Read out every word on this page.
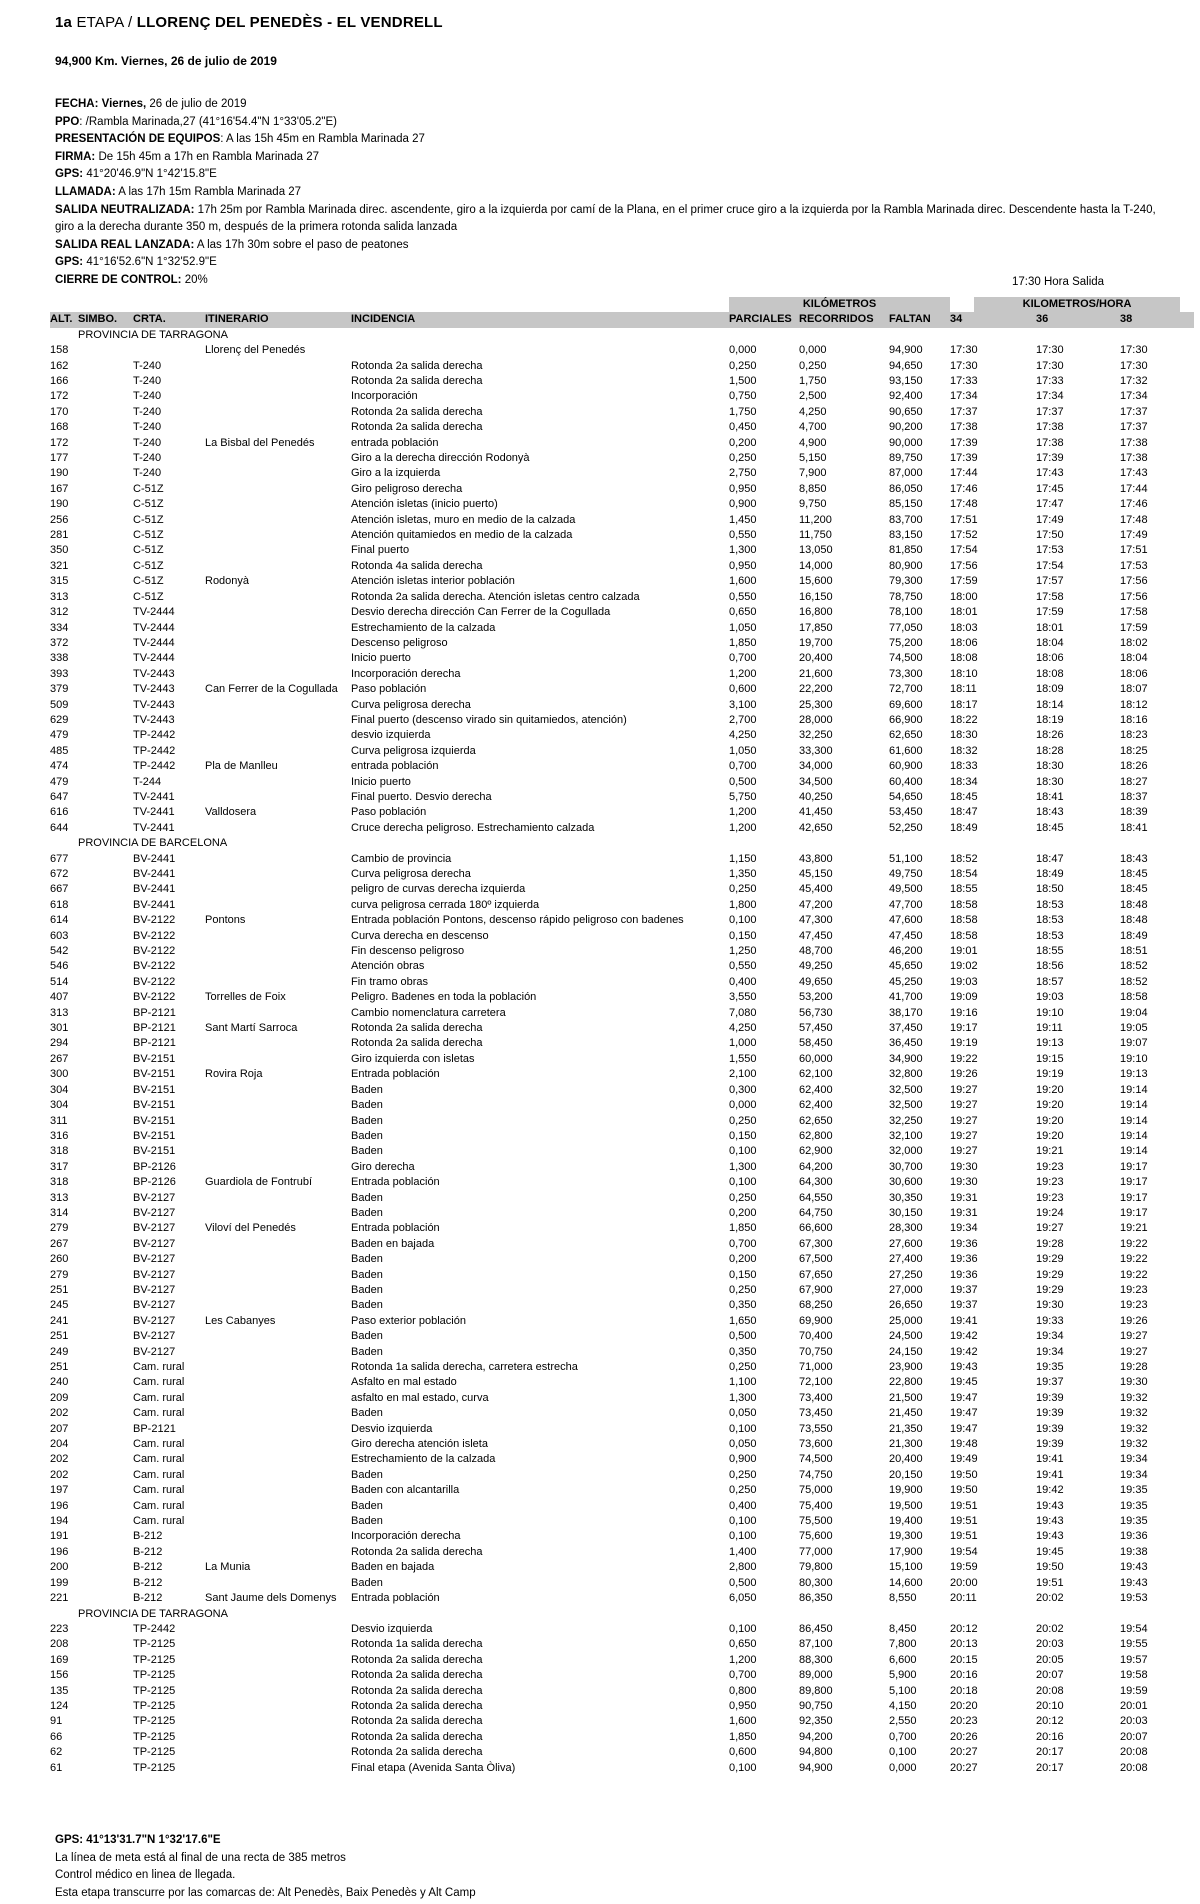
1a ETAPA / LLORENÇ DEL PENEDÈS - EL VENDRELL
94,900 Km. Viernes, 26 de julio de 2019
FECHA: Viernes, 26 de julio de 2019
PPO: /Rambla Marinada,27 (41°16'54.4"N 1°33'05.2"E)
PRESENTACIÓN DE EQUIPOS: A las 15h 45m en Rambla Marinada 27
FIRMA: De 15h 45m a 17h en Rambla Marinada 27
GPS: 41°20'46.9"N 1°42'15.8"E
LLAMADA: A las 17h 15m Rambla Marinada 27
SALIDA NEUTRALIZADA: 17h 25m por Rambla Marinada direc. ascendente, giro a la izquierda por camí de la Plana, en el primer cruce giro a la izquierda por la Rambla Marinada direc. Descendente hasta la T-240, giro a la derecha durante 350 m, después de la primera rotonda salida lanzada
SALIDA REAL LANZADA: A las 17h 30m sobre el paso de peatones
GPS: 41°16'52.6"N 1°32'52.9"E
CIERRE DE CONTROL: 20%	17:30 Hora Salida

					KILÓMETROS			KILOMETROS/HORA		

ALT.	SIMBO.	CRTA.	ITINERARIO	INCIDENCIA	PARCIALES	RECORRIDOS	FALTAN	34	36	38
	PROVINCIA DE TARRAGONA									
158			Llorenç del Penedés		0,000	0,000	94,900	17:30	17:30	17:30
162		T-240		Rotonda 2a salida derecha	0,250	0,250	94,650	17:30	17:30	17:30
166		T-240		Rotonda 2a salida derecha	1,500	1,750	93,150	17:33	17:33	17:32
172		T-240		Incorporación	0,750	2,500	92,400	17:34	17:34	17:34
170		T-240		Rotonda 2a salida derecha	1,750	4,250	90,650	17:37	17:37	17:37
168		T-240		Rotonda 2a salida derecha	0,450	4,700	90,200	17:38	17:38	17:37
172		T-240	La Bisbal del Penedés	entrada población	0,200	4,900	90,000	17:39	17:38	17:38
177		T-240		Giro a la derecha dirección Rodonyà	0,250	5,150	89,750	17:39	17:39	17:38
190		T-240		Giro a la izquierda	2,750	7,900	87,000	17:44	17:43	17:43
167		C-51Z		Giro peligroso derecha	0,950	8,850	86,050	17:46	17:45	17:44
190		C-51Z		Atención isletas (inicio puerto)	0,900	9,750	85,150	17:48	17:47	17:46
256		C-51Z		Atención isletas, muro en medio de la calzada	1,450	11,200	83,700	17:51	17:49	17:48
281		C-51Z		Atención quitamiedos en medio de la calzada	0,550	11,750	83,150	17:52	17:50	17:49
350		C-51Z		Final puerto	1,300	13,050	81,850	17:54	17:53	17:51
321		C-51Z		Rotonda 4a salida derecha	0,950	14,000	80,900	17:56	17:54	17:53
315		C-51Z	Rodonyà	Atención isletas interior población	1,600	15,600	79,300	17:59	17:57	17:56
313		C-51Z		Rotonda 2a salida derecha. Atención isletas centro calzada	0,550	16,150	78,750	18:00	17:58	17:56
312		TV-2444		Desvio derecha dirección Can Ferrer de la Cogullada	0,650	16,800	78,100	18:01	17:59	17:58
334		TV-2444		Estrechamiento de la calzada	1,050	17,850	77,050	18:03	18:01	17:59
372		TV-2444		Descenso peligroso	1,850	19,700	75,200	18:06	18:04	18:02
338		TV-2444		Inicio puerto	0,700	20,400	74,500	18:08	18:06	18:04
393		TV-2443		Incorporación derecha	1,200	21,600	73,300	18:10	18:08	18:06
379		TV-2443	Can Ferrer de la Cogullada	Paso población	0,600	22,200	72,700	18:11	18:09	18:07
509		TV-2443		Curva peligrosa derecha	3,100	25,300	69,600	18:17	18:14	18:12
629		TV-2443		Final puerto (descenso virado sin quitamiedos, atención)	2,700	28,000	66,900	18:22	18:19	18:16
479		TP-2442		desvio izquierda	4,250	32,250	62,650	18:30	18:26	18:23
485		TP-2442		Curva peligrosa izquierda	1,050	33,300	61,600	18:32	18:28	18:25
474		TP-2442	Pla de Manlleu	entrada población	0,700	34,000	60,900	18:33	18:30	18:26
479		T-244		Inicio puerto	0,500	34,500	60,400	18:34	18:30	18:27
647		TV-2441		Final puerto. Desvio derecha	5,750	40,250	54,650	18:45	18:41	18:37
616		TV-2441	Valldosera	Paso población	1,200	41,450	53,450	18:47	18:43	18:39
644		TV-2441		Cruce derecha peligroso. Estrechamiento calzada	1,200	42,650	52,250	18:49	18:45	18:41
	PROVINCIA DE BARCELONA									
677		BV-2441		Cambio de provincia	1,150	43,800	51,100	18:52	18:47	18:43
672		BV-2441		Curva peligrosa derecha	1,350	45,150	49,750	18:54	18:49	18:45
667		BV-2441		peligro de curvas derecha izquierda	0,250	45,400	49,500	18:55	18:50	18:45
618		BV-2441		curva peligrosa cerrada 180º izquierda	1,800	47,200	47,700	18:58	18:53	18:48
614		BV-2122	Pontons	Entrada población Pontons, descenso rápido peligroso con badenes	0,100	47,300	47,600	18:58	18:53	18:48
603		BV-2122		Curva derecha en descenso	0,150	47,450	47,450	18:58	18:53	18:49
542		BV-2122		Fin descenso peligroso	1,250	48,700	46,200	19:01	18:55	18:51
546		BV-2122		Atención obras	0,550	49,250	45,650	19:02	18:56	18:52
514		BV-2122		Fin tramo obras	0,400	49,650	45,250	19:03	18:57	18:52
407		BV-2122	Torrelles de Foix	Peligro. Badenes en toda la población	3,550	53,200	41,700	19:09	19:03	18:58
313		BP-2121		Cambio nomenclatura carretera	7,080	56,730	38,170	19:16	19:10	19:04
301		BP-2121	Sant Martí Sarroca	Rotonda 2a salida derecha	4,250	57,450	37,450	19:17	19:11	19:05
294		BP-2121		Rotonda 2a salida derecha	1,000	58,450	36,450	19:19	19:13	19:07
267		BV-2151		Giro izquierda con isletas	1,550	60,000	34,900	19:22	19:15	19:10
300		BV-2151	Rovira Roja	Entrada población	2,100	62,100	32,800	19:26	19:19	19:13
304		BV-2151		Baden	0,300	62,400	32,500	19:27	19:20	19:14
304		BV-2151		Baden	0,000	62,400	32,500	19:27	19:20	19:14
311		BV-2151		Baden	0,250	62,650	32,250	19:27	19:20	19:14
316		BV-2151		Baden	0,150	62,800	32,100	19:27	19:20	19:14
318		BV-2151		Baden	0,100	62,900	32,000	19:27	19:21	19:14
317		BP-2126		Giro derecha	1,300	64,200	30,700	19:30	19:23	19:17
318		BP-2126	Guardiola de Fontrubí	Entrada población	0,100	64,300	30,600	19:30	19:23	19:17
313		BV-2127		Baden	0,250	64,550	30,350	19:31	19:23	19:17
314		BV-2127		Baden	0,200	64,750	30,150	19:31	19:24	19:17
279		BV-2127	Viloví del Penedés	Entrada población	1,850	66,600	28,300	19:34	19:27	19:21
267		BV-2127		Baden en bajada	0,700	67,300	27,600	19:36	19:28	19:22
260		BV-2127		Baden	0,200	67,500	27,400	19:36	19:29	19:22
279		BV-2127		Baden	0,150	67,650	27,250	19:36	19:29	19:22
251		BV-2127		Baden	0,250	67,900	27,000	19:37	19:29	19:23
245		BV-2127		Baden	0,350	68,250	26,650	19:37	19:30	19:23
241		BV-2127	Les Cabanyes	Paso exterior población	1,650	69,900	25,000	19:41	19:33	19:26
251		BV-2127		Baden	0,500	70,400	24,500	19:42	19:34	19:27
249		BV-2127		Baden	0,350	70,750	24,150	19:42	19:34	19:27
251		Cam. rural		Rotonda 1a salida derecha, carretera estrecha	0,250	71,000	23,900	19:43	19:35	19:28
240		Cam. rural		Asfalto en mal estado	1,100	72,100	22,800	19:45	19:37	19:30
209		Cam. rural		asfalto en mal estado, curva	1,300	73,400	21,500	19:47	19:39	19:32
202		Cam. rural		Baden	0,050	73,450	21,450	19:47	19:39	19:32
207		BP-2121		Desvio izquierda	0,100	73,550	21,350	19:47	19:39	19:32
204		Cam. rural		Giro derecha atención isleta	0,050	73,600	21,300	19:48	19:39	19:32
202		Cam. rural		Estrechamiento de la calzada	0,900	74,500	20,400	19:49	19:41	19:34
202		Cam. rural		Baden	0,250	74,750	20,150	19:50	19:41	19:34
197		Cam. rural		Baden con alcantarilla	0,250	75,000	19,900	19:50	19:42	19:35
196		Cam. rural		Baden	0,400	75,400	19,500	19:51	19:43	19:35
194		Cam. rural		Baden	0,100	75,500	19,400	19:51	19:43	19:35
191		B-212		Incorporación derecha	0,100	75,600	19,300	19:51	19:43	19:36
196		B-212		Rotonda 2a salida derecha	1,400	77,000	17,900	19:54	19:45	19:38
200		B-212	La Munia	Baden en bajada	2,800	79,800	15,100	19:59	19:50	19:43
199		B-212		Baden	0,500	80,300	14,600	20:00	19:51	19:43
221		B-212	Sant Jaume dels Domenys	Entrada población	6,050	86,350	8,550	20:11	20:02	19:53
	PROVINCIA DE TARRAGONA									
223		TP-2442		Desvio izquierda	0,100	86,450	8,450	20:12	20:02	19:54
208		TP-2125		Rotonda 1a salida derecha	0,650	87,100	7,800	20:13	20:03	19:55
169		TP-2125		Rotonda 2a salida derecha	1,200	88,300	6,600	20:15	20:05	19:57
156		TP-2125		Rotonda 2a salida derecha	0,700	89,000	5,900	20:16	20:07	19:58
135		TP-2125		Rotonda 2a salida derecha	0,800	89,800	5,100	20:18	20:08	19:59
124		TP-2125		Rotonda 2a salida derecha	0,950	90,750	4,150	20:20	20:10	20:01
91		TP-2125		Rotonda 2a salida derecha	1,600	92,350	2,550	20:23	20:12	20:03
66		TP-2125		Rotonda 2a salida derecha	1,850	94,200	0,700	20:26	20:16	20:07
62		TP-2125		Rotonda 2a salida derecha	0,600	94,800	0,100	20:27	20:17	20:08
61		TP-2125		Final etapa (Avenida Santa Òliva)	0,100	94,900	0,000	20:27	20:17	20:08
GPS: 41°13'31.7"N 1°32'17.6"E
La línea de meta está al final de una recta de 385 metros
Control médico en linea de llegada.
Esta etapa transcurre por las comarcas de: Alt Penedès, Baix Penedès y Alt Camp
